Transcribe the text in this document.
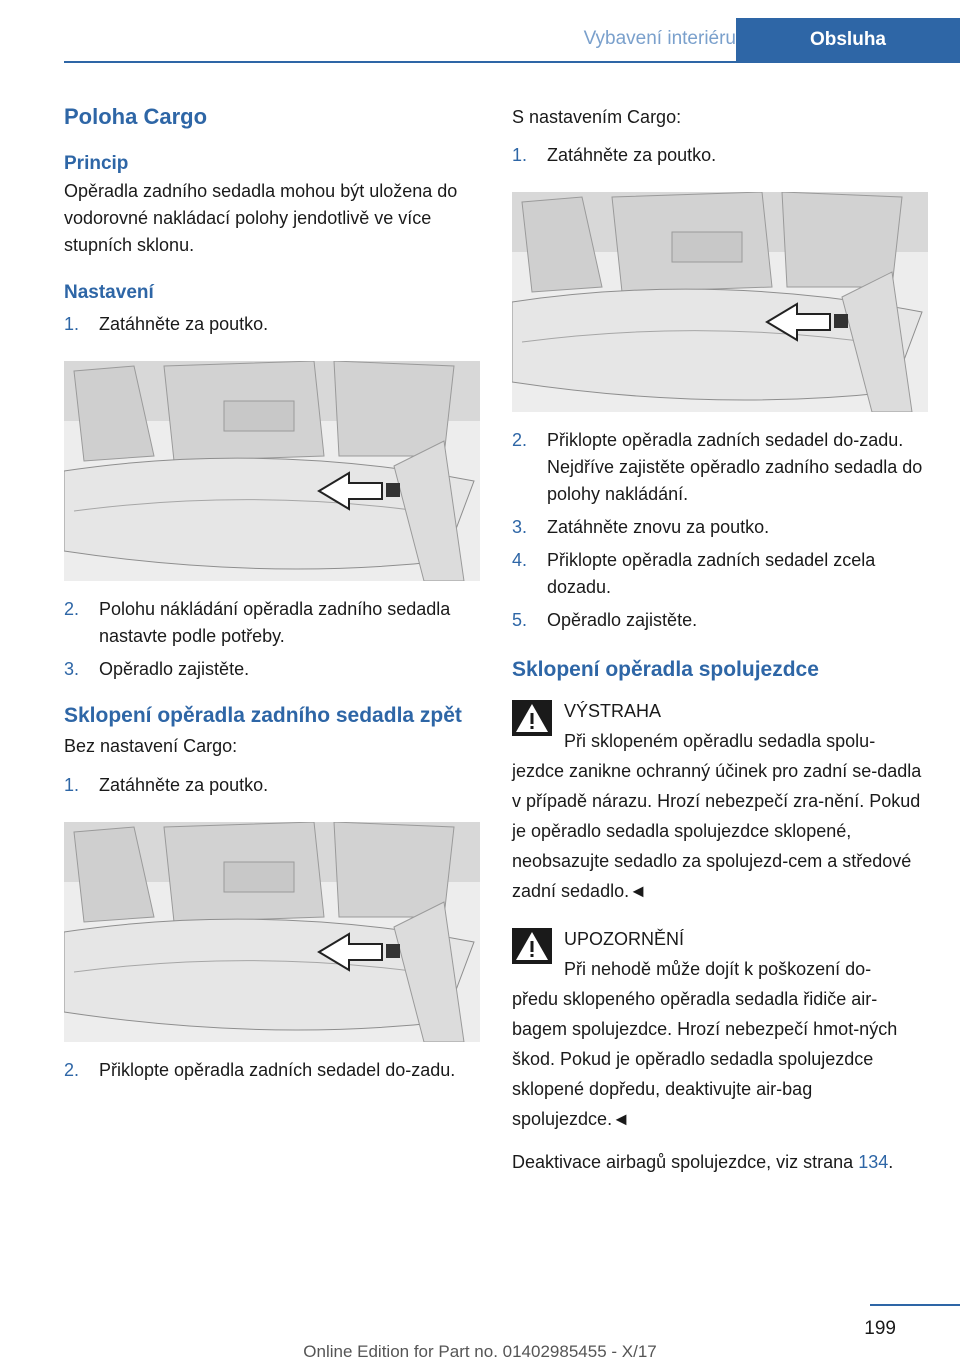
Vybavení interiéru	Obsluha
Poloha Cargo
Princip

Opěradla zadního sedadla mohou být uložena do vodorovné nakládací polohy jendotlivě ve více stupních sklonu.

Nastavení
1. Zatáhněte za poutko.
2. Polohu nákládání opěradla zadního sedadla nastavte podle potřeby.
3. Opěradlo zajistěte.
Sklopení opěradla zadního sedadla zpět

Bez nastavení Cargo:

1. Zatáhněte za poutko.
2. Přiklopte opěradla zadních sedadel do-zadu.

S nastavením Cargo:

1. Zatáhněte za poutko.
2. Přiklopte opěradla zadních sedadel do-zadu. Nejdříve zajistěte opěradlo zadního sedadla do polohy nakládání.
3. Zatáhněte znovu za poutko.
4. Přiklopte opěradla zadních sedadel zcela dozadu.
5. Opěradlo zajistěte.
Sklopení opěradla spolujezdce
VÝSTRAHA
Při sklopeném opěradlu sedadla spolu-
jezdce zanikne ochranný účinek pro zadní se-dadla v případě nárazu. Hrozí nebezpečí zra-nění. Pokud je opěradlo sedadla spolujezdce sklopené, neobsazujte sedadlo za spolujezd-cem a středové zadní sedadlo.◄
UPOZORNĚNÍ
Při nehodě může dojít k poškození do-
předu sklopeného opěradla sedadla řidiče air-bagem spolujezdce. Hrozí nebezpečí hmot-ných škod. Pokud je opěradlo sedadla spolujezdce sklopené dopředu, deaktivujte air-bag spolujezdce.◄

Deaktivace airbagů spolujezdce, viz strana 134.

199
Online Edition for Part no. 01402985455 - X/17
